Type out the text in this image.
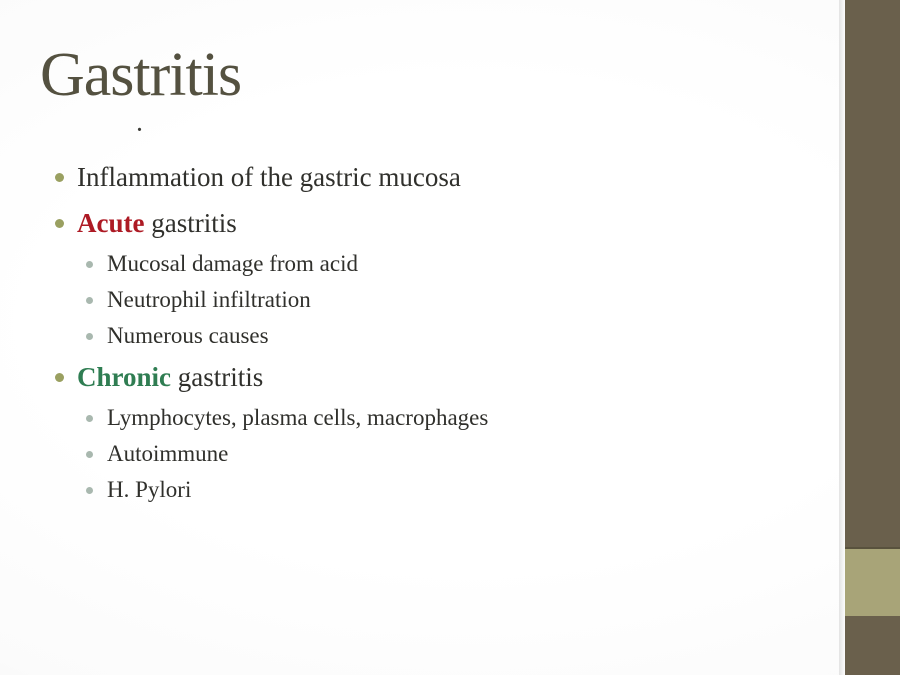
Gastritis
.
Inflammation of the gastric mucosa
Acute gastritis
Mucosal damage from acid
Neutrophil infiltration
Numerous causes
Chronic gastritis
Lymphocytes, plasma cells, macrophages
Autoimmune
H. Pylori
